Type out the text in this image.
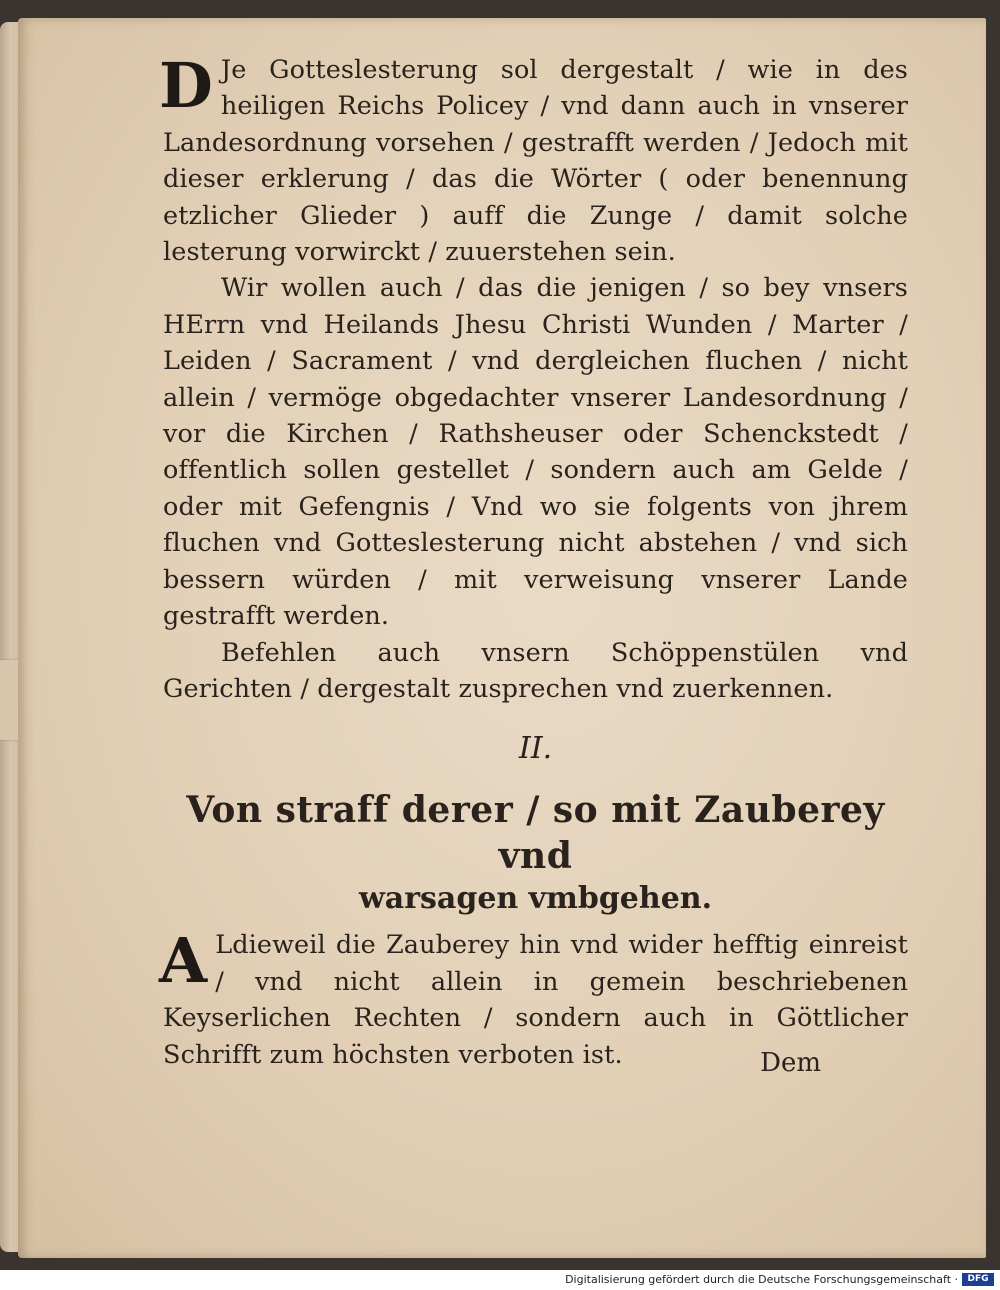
D Je Gotteslesterung sol dergestalt / wie in des heiligen Reichs Policey / vnd dann auch in vnserer Landesordnung vorsehen / gestrafft werden / Jedoch mit dieser erklerung / das die Wörter ( oder benennung etzlicher Glieder ) auff die Zunge / damit solche lesterung vorwirckt / zuuerstehen sein.

Wir wollen auch / das die jenigen / so bey vnsers HErrn vnd Heilands Jhesu Christi Wunden / Marter / Leiden / Sacrament / vnd dergleichen fluchen / nicht allein / vermöge obgedachter vnserer Landesordnung / vor die Kirchen / Rathsheuser oder Schenckstedt / offentlich sollen gestellet / sondern auch am Gelde / oder mit Gefengnis / Vnd wo sie folgents von jhrem fluchen vnd Gotteslesterung nicht abstehen / vnd sich bessern würden / mit verweisung vnserer Lande gestrafft werden.

Befehlen auch vnsern Schöppenstülen vnd Gerichten / dergestalt zusprechen vnd zuerkennen.

II.

Von straff derer / so mit Zauberey vnd

warsagen vmbgehen.

A Ldieweil die Zauberey hin vnd wider hefftig einreist / vnd nicht allein in gemein beschriebenen Keyserlichen Rechten / sondern auch in Göttlicher Schrifft zum höchsten verboten ist.	Dem
Digitalisierung gefördert durch die Deutsche Forschungsgemeinschaft ·	DFG
